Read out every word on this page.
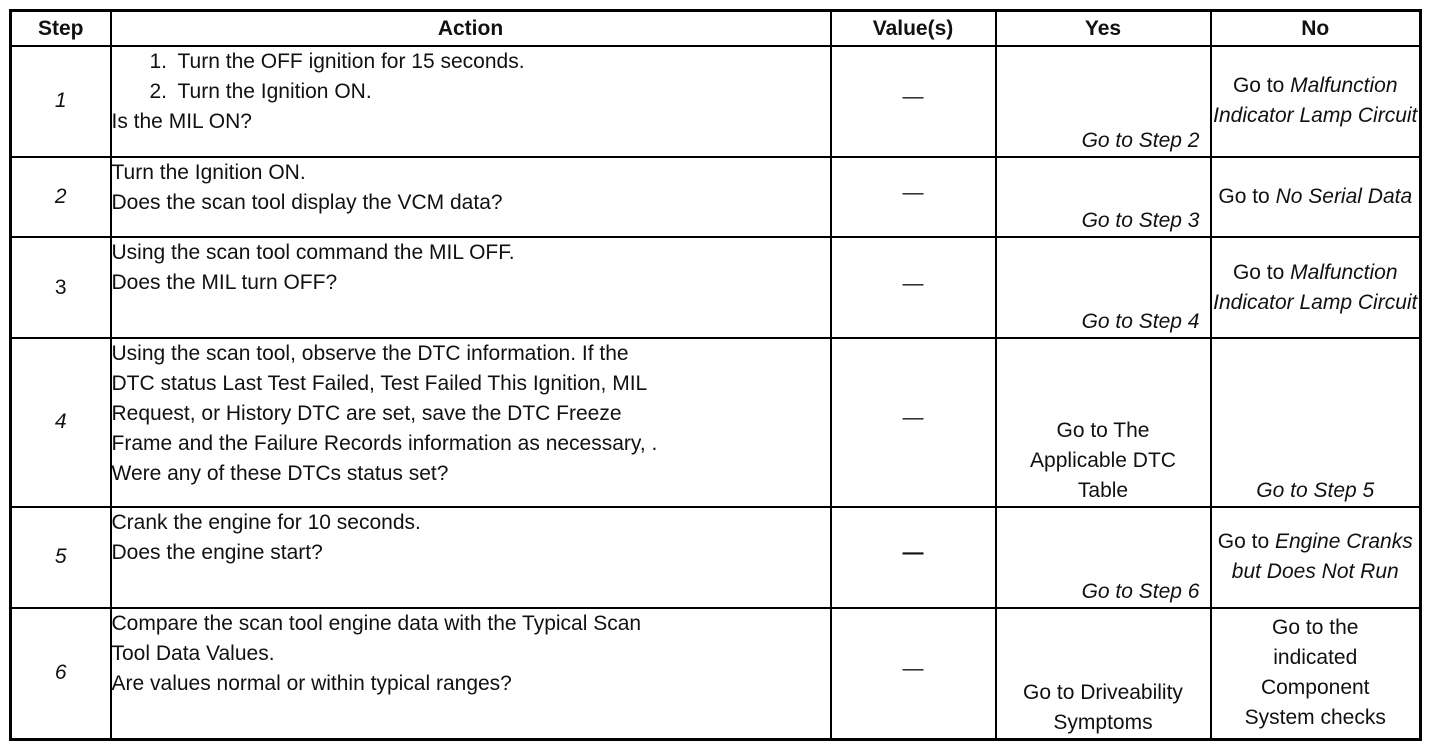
Step	Action	Value(s)	Yes	No
1	1. Turn the OFF ignition for 15 seconds.
2. Turn the Ignition ON.
Is the MIL ON?	—	Go to Step 2	Go to Malfunction Indicator Lamp Circuit
2	Turn the Ignition ON.
Does the scan tool display the VCM data?	—	Go to Step 3	Go to No Serial Data
3	Using the scan tool command the MIL OFF.
Does the MIL turn OFF?	—	Go to Step 4	Go to Malfunction Indicator Lamp Circuit
4	Using the scan tool, observe the DTC information. If the
DTC status Last Test Failed, Test Failed This Ignition, MIL
Request, or History DTC are set, save the DTC Freeze
Frame and the Failure Records information as necessary, .
Were any of these DTCs status set?	—	Go to The Applicable DTC Table	Go to Step 5
5	Crank the engine for 10 seconds.
Does the engine start?	—	Go to Step 6	Go to Engine Cranks but Does Not Run
6	Compare the scan tool engine data with the Typical Scan
Tool Data Values.
Are values normal or within typical ranges?	—	Go to Driveability Symptoms	Go to the indicated Component System checks
